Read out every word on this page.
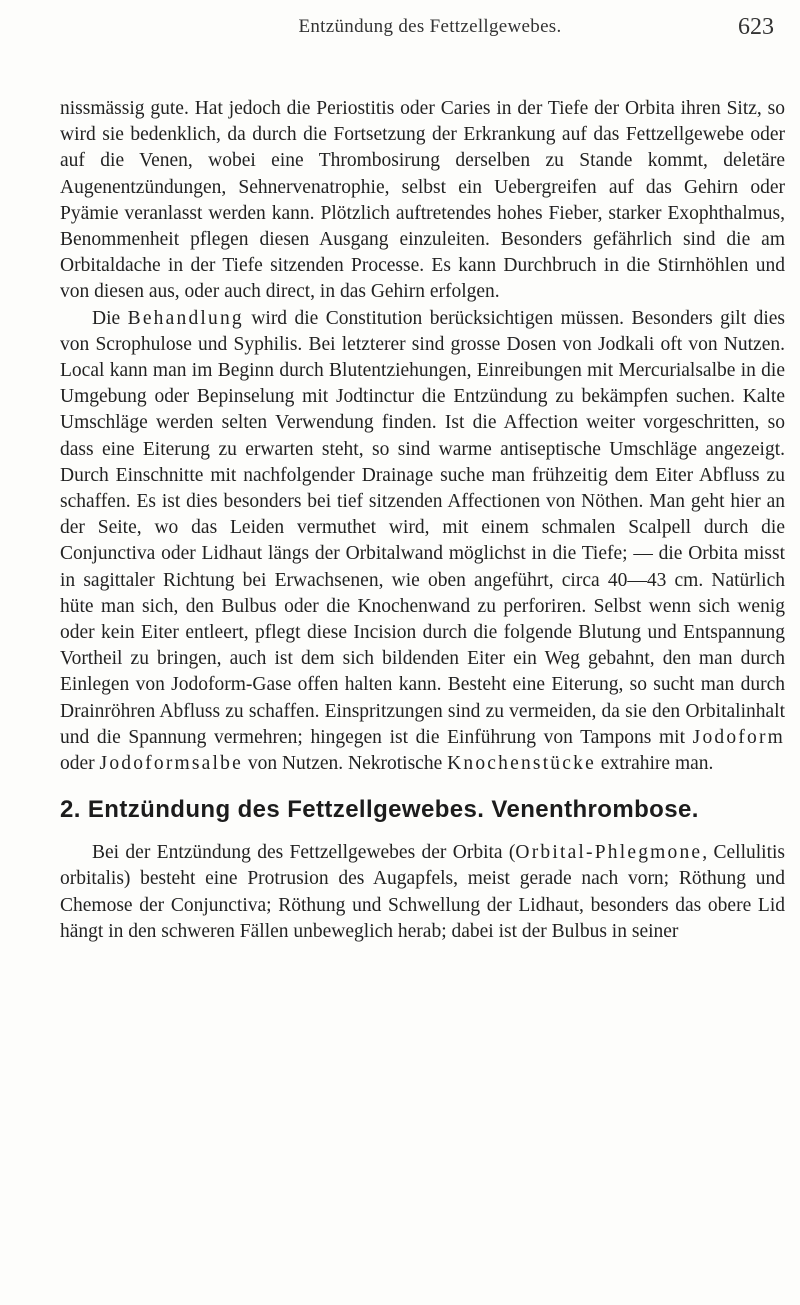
Entzündung des Fettzellgewebes.	623

nissmässig gute. Hat jedoch die Periostitis oder Caries in der Tiefe der Orbita ihren Sitz, so wird sie bedenklich, da durch die Fortsetzung der Erkrankung auf das Fettzellgewebe oder auf die Venen, wobei eine Thrombosirung derselben zu Stande kommt, deletäre Augenentzündungen, Sehnervenatrophie, selbst ein Uebergreifen auf das Gehirn oder Pyämie veranlasst werden kann. Plötzlich auftretendes hohes Fieber, starker Exophthalmus, Benommenheit pflegen diesen Ausgang einzuleiten. Besonders gefährlich sind die am Orbitaldache in der Tiefe sitzenden Processe. Es kann Durchbruch in die Stirnhöhlen und von diesen aus, oder auch direct, in das Gehirn erfolgen.

Die Behandlung wird die Constitution berücksichtigen müssen. Besonders gilt dies von Scrophulose und Syphilis. Bei letzterer sind grosse Dosen von Jodkali oft von Nutzen. Local kann man im Beginn durch Blutentziehungen, Einreibungen mit Mercurialsalbe in die Umgebung oder Bepinselung mit Jodtinctur die Entzündung zu bekämpfen suchen. Kalte Umschläge werden selten Verwendung finden. Ist die Affection weiter vorgeschritten, so dass eine Eiterung zu erwarten steht, so sind warme antiseptische Umschläge angezeigt. Durch Einschnitte mit nachfolgender Drainage suche man frühzeitig dem Eiter Abfluss zu schaffen. Es ist dies besonders bei tief sitzenden Affectionen von Nöthen. Man geht hier an der Seite, wo das Leiden vermuthet wird, mit einem schmalen Scalpell durch die Conjunctiva oder Lidhaut längs der Orbitalwand möglichst in die Tiefe; — die Orbita misst in sagittaler Richtung bei Erwachsenen, wie oben angeführt, circa 40—43 cm. Natürlich hüte man sich, den Bulbus oder die Knochenwand zu perforiren. Selbst wenn sich wenig oder kein Eiter entleert, pflegt diese Incision durch die folgende Blutung und Entspannung Vortheil zu bringen, auch ist dem sich bildenden Eiter ein Weg gebahnt, den man durch Einlegen von Jodoform-Gase offen halten kann. Besteht eine Eiterung, so sucht man durch Drainröhren Abfluss zu schaffen. Einspritzungen sind zu vermeiden, da sie den Orbitalinhalt und die Spannung vermehren; hingegen ist die Einführung von Tampons mit Jodoform oder Jodoformsalbe von Nutzen. Nekrotische Knochenstücke extrahire man.

2. Entzündung des Fettzellgewebes. Venenthrombose.

Bei der Entzündung des Fettzellgewebes der Orbita (Orbital-Phlegmone, Cellulitis orbitalis) besteht eine Protrusion des Augapfels, meist gerade nach vorn; Röthung und Chemose der Conjunctiva; Röthung und Schwellung der Lidhaut, besonders das obere Lid hängt in den schweren Fällen unbeweglich herab; dabei ist der Bulbus in seiner
